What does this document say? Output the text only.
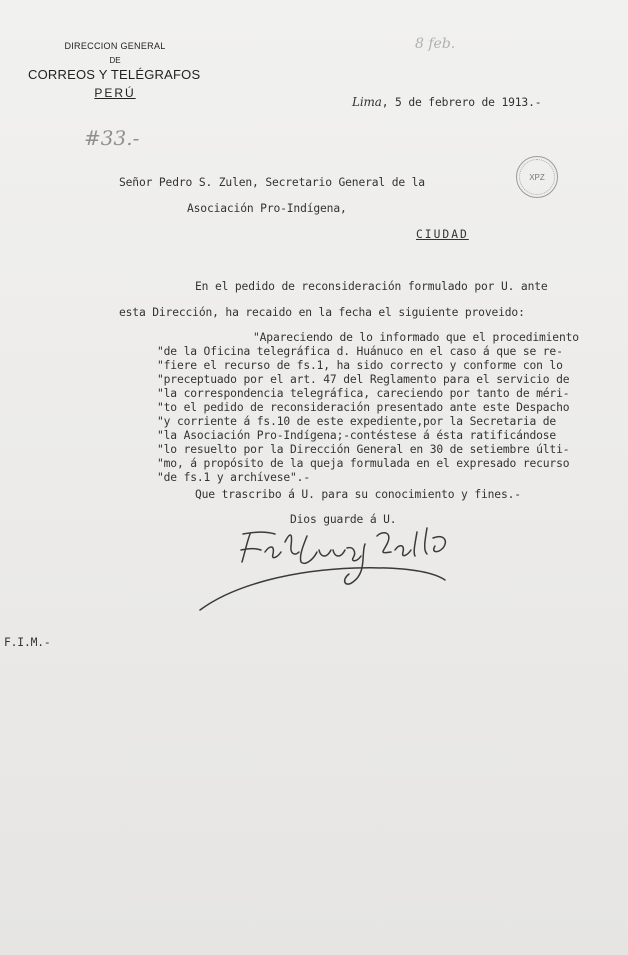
DIRECCION GENERAL
DE
CORREOS Y TELÉGRAFOS
PERÚ
8 feb.
#33.-
Lima, 5 de febrero de 1913.-
XPZ
Señor Pedro S. Zulen, Secretario General de la
Asociación Pro-Indígena,
CIUDAD
En el pedido de reconsideración formulado por U. ante
esta Dirección, ha recaido en la fecha el siguiente proveido:
"Apareciendo de lo informado que el procedimiento
"de la Oficina telegráfica d. Huánuco en el caso á que se re-
"fiere el recurso de fs.1, ha sido correcto y conforme con lo
"preceptuado por el art. 47 del Reglamento para el servicio de
"la correspondencia telegráfica, careciendo por tanto de méri-
"to el pedido de reconsideración presentado ante este Despacho
"y corriente á fs.10 de este expediente,por la Secretaria de
"la Asociación Pro-Indígena;-contéstese á ésta ratificándose
"lo resuelto por la Dirección General en 30 de setiembre últi-
"mo, á propósito de la queja formulada en el expresado recurso
"de fs.1 y archívese".-
Que trascribo á U. para su conocimiento y fines.-
Dios guarde á U.
F.I.M.-
